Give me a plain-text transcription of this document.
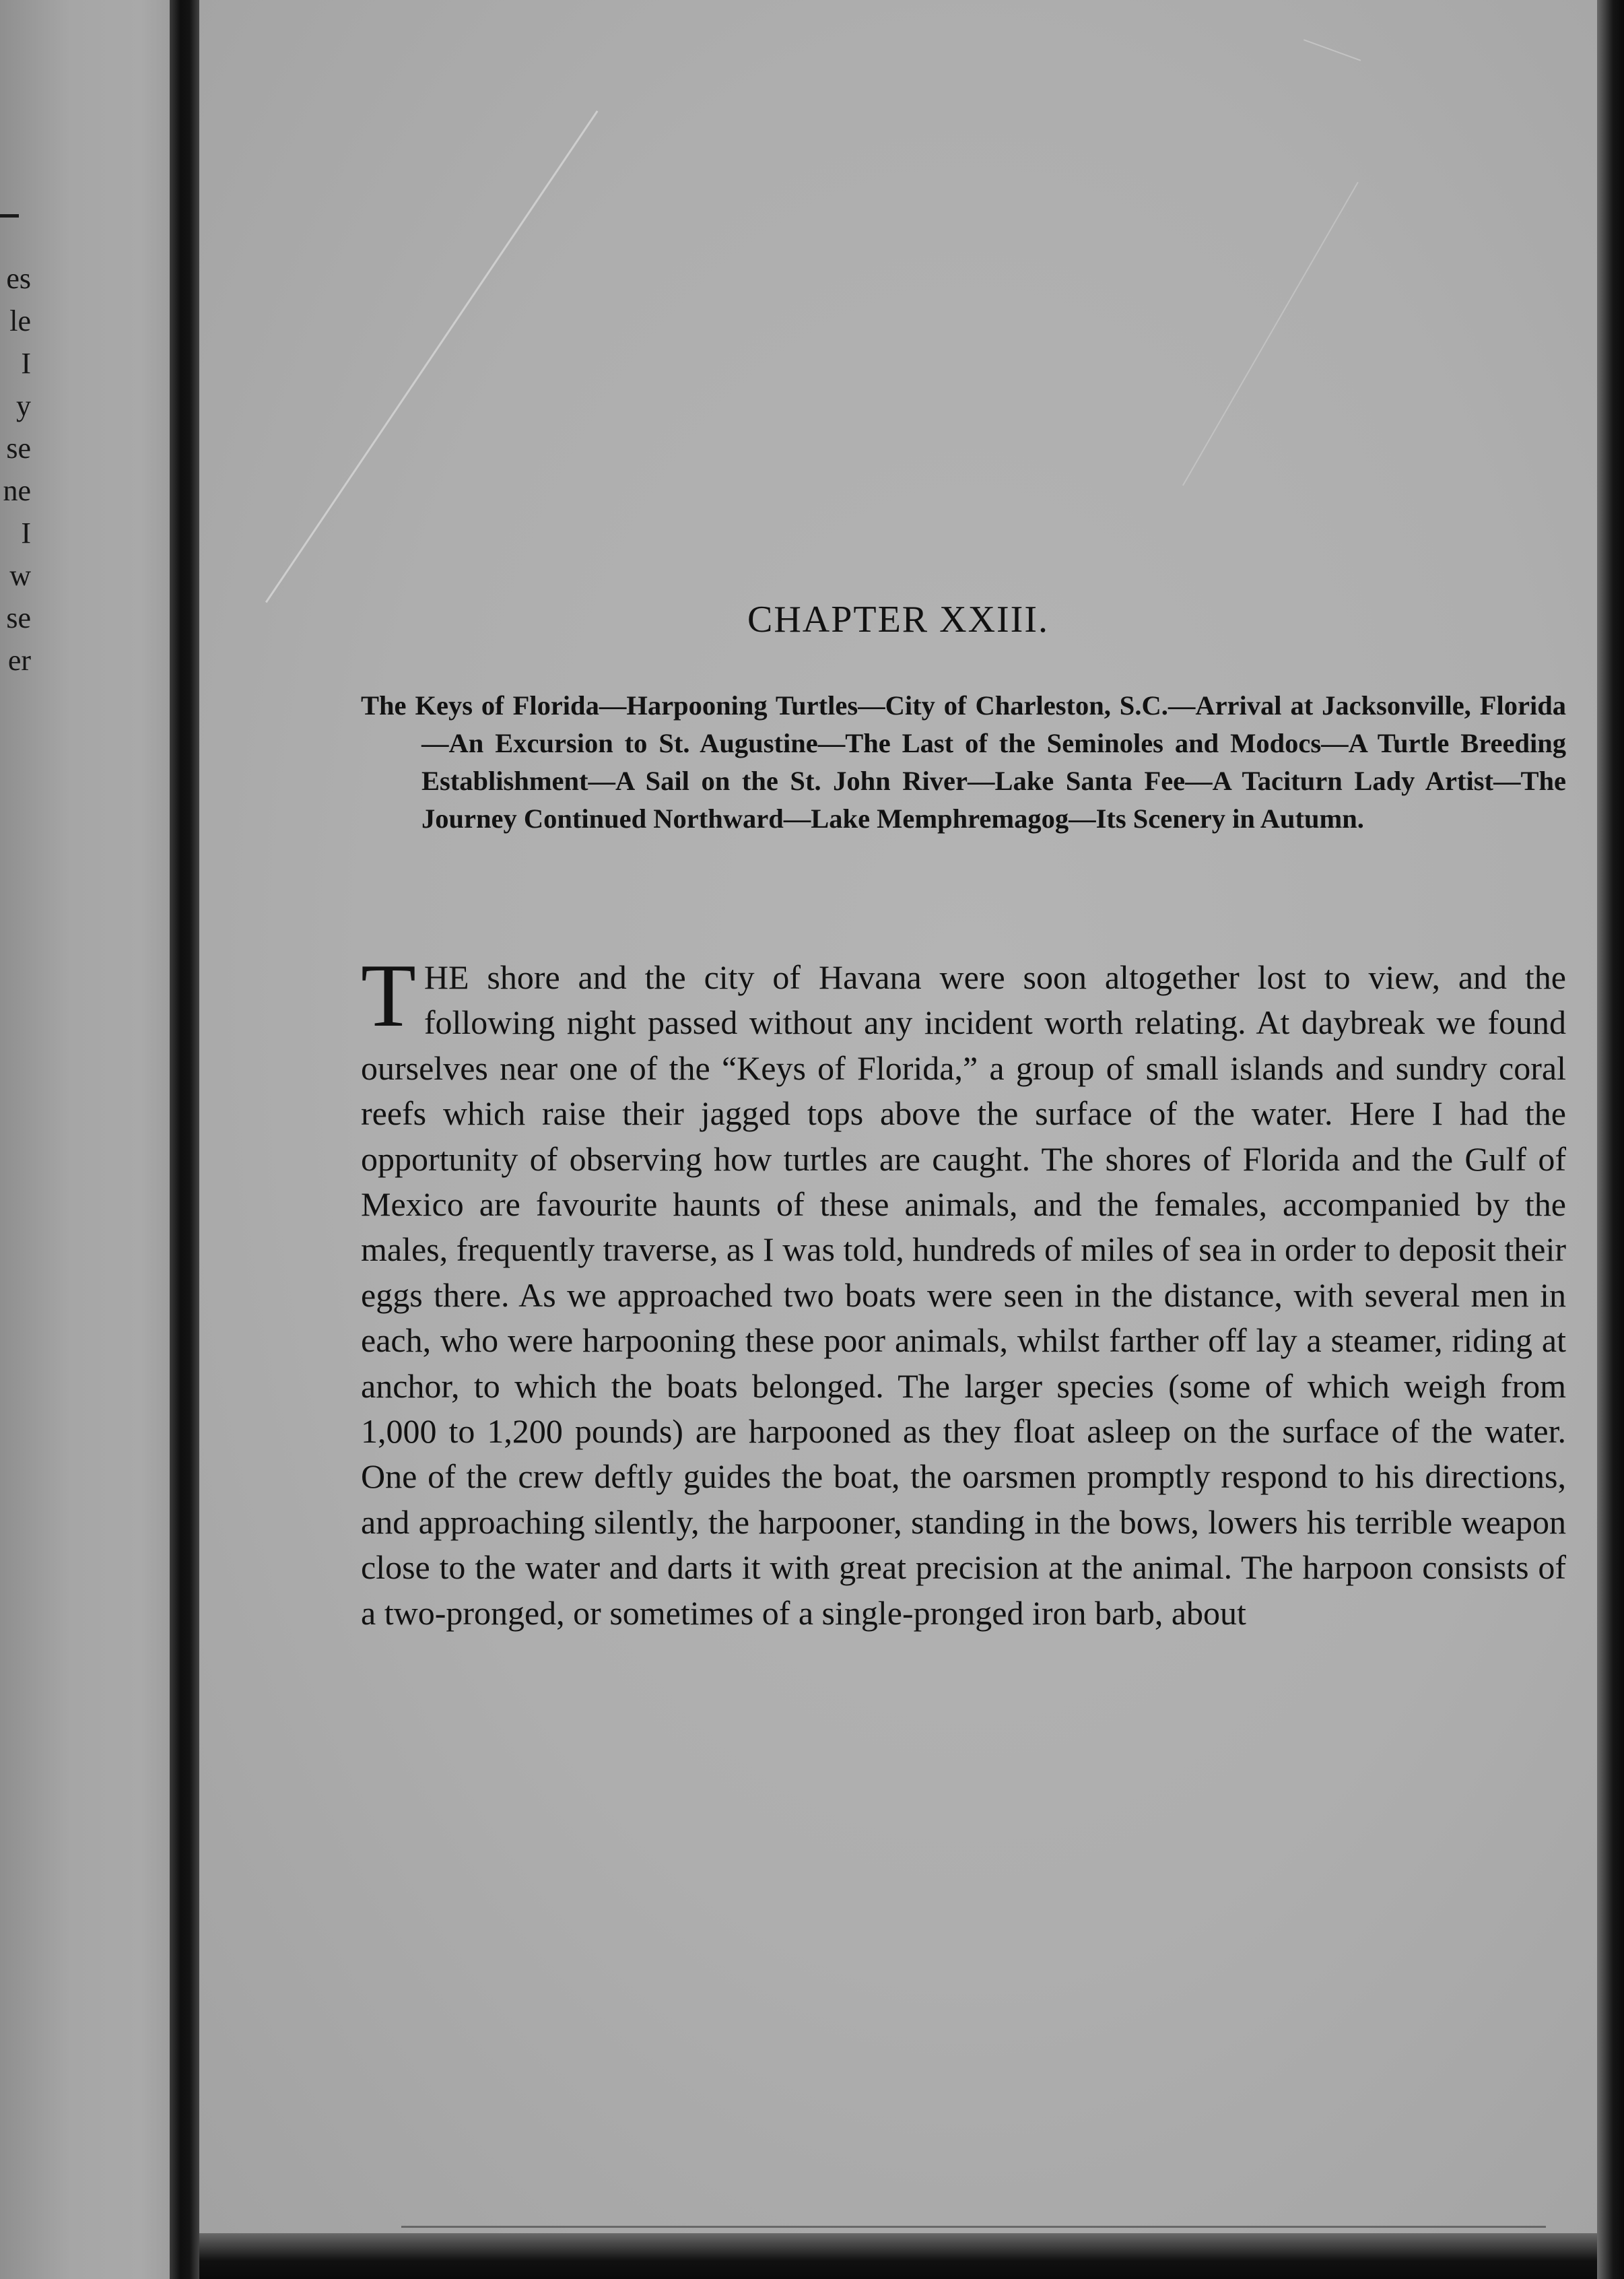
es
le
I
y
se
ne
I
w
se
er
CHAPTER XXIII.
The Keys of Florida—Harpooning Turtles—City of Charleston, S.C.—Arrival at Jacksonville, Florida—An Excursion to St. Augustine—The Last of the Seminoles and Modocs—A Turtle Breeding Establishment—A Sail on the St. John River—Lake Santa Fee—A Taciturn Lady Artist—The Journey Continued Northward—Lake Memphremagog—Its Scenery in Autumn.
THE shore and the city of Havana were soon altogether lost to view, and the following night passed without any incident worth relating. At daybreak we found ourselves near one of the “Keys of Florida,” a group of small islands and sundry coral reefs which raise their jagged tops above the surface of the water. Here I had the opportunity of observing how turtles are caught. The shores of Florida and the Gulf of Mexico are favourite haunts of these animals, and the females, accompanied by the males, frequently traverse, as I was told, hundreds of miles of sea in order to deposit their eggs there. As we approached two boats were seen in the distance, with several men in each, who were harpooning these poor animals, whilst farther off lay a steamer, riding at anchor, to which the boats belonged. The larger species (some of which weigh from 1,000 to 1,200 pounds) are harpooned as they float asleep on the surface of the water. One of the crew deftly guides the boat, the oarsmen promptly respond to his directions, and approaching silently, the harpooner, standing in the bows, lowers his terrible weapon close to the water and darts it with great precision at the animal. The harpoon consists of a two-pronged, or sometimes of a single-pronged iron barb, about
